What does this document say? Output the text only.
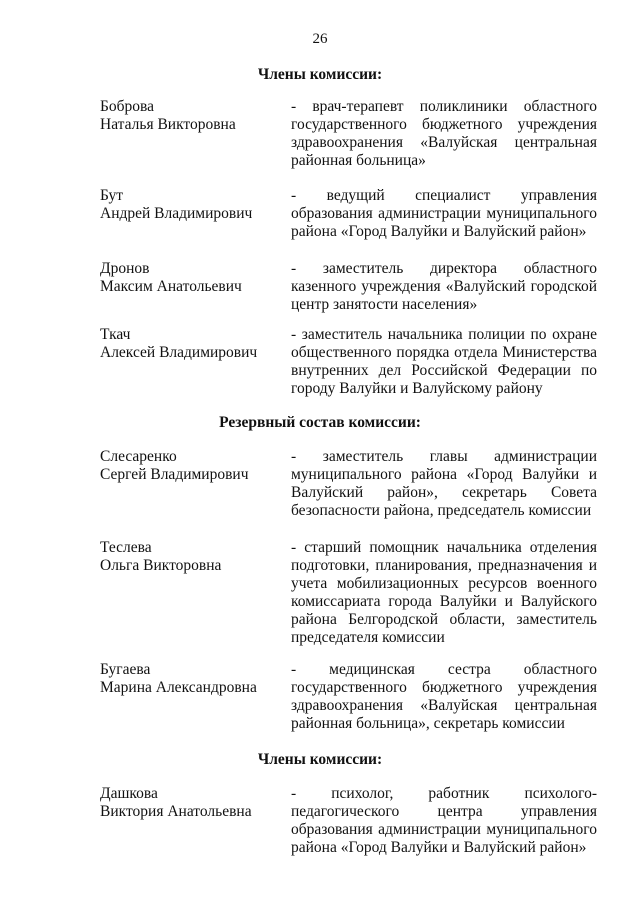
26
Члены комиссии:
Боброва
Наталья Викторовна
- врач-терапевт поликлиники областного государственного бюджетного учреждения здравоохранения «Валуйская центральная районная больница»
Бут
Андрей Владимирович
- ведущий специалист управления образования администрации муниципального района «Город Валуйки и Валуйский район»
Дронов
Максим Анатольевич
- заместитель директора областного казенного учреждения «Валуйский городской центр занятости населения»
Ткач
Алексей Владимирович
- заместитель начальника полиции по охране общественного порядка отдела Министерства внутренних дел Российской Федерации по городу Валуйки и Валуйскому району
Резервный состав комиссии:
Слесаренко
Сергей Владимирович
- заместитель главы администрации муниципального района «Город Валуйки и Валуйский район», секретарь Совета безопасности района, председатель комиссии
Теслева
Ольга Викторовна
- старший помощник начальника отделения подготовки, планирования, предназначения и учета мобилизационных ресурсов военного комиссариата города Валуйки и Валуйского района Белгородской области, заместитель председателя комиссии
Бугаева
Марина Александровна
- медицинская сестра областного государственного бюджетного учреждения здравоохранения «Валуйская центральная районная больница», секретарь комиссии
Члены комиссии:
Дашкова
Виктория Анатольевна
- психолог, работник психолого-педагогического центра управления образования администрации муниципального района «Город Валуйки и Валуйский район»
